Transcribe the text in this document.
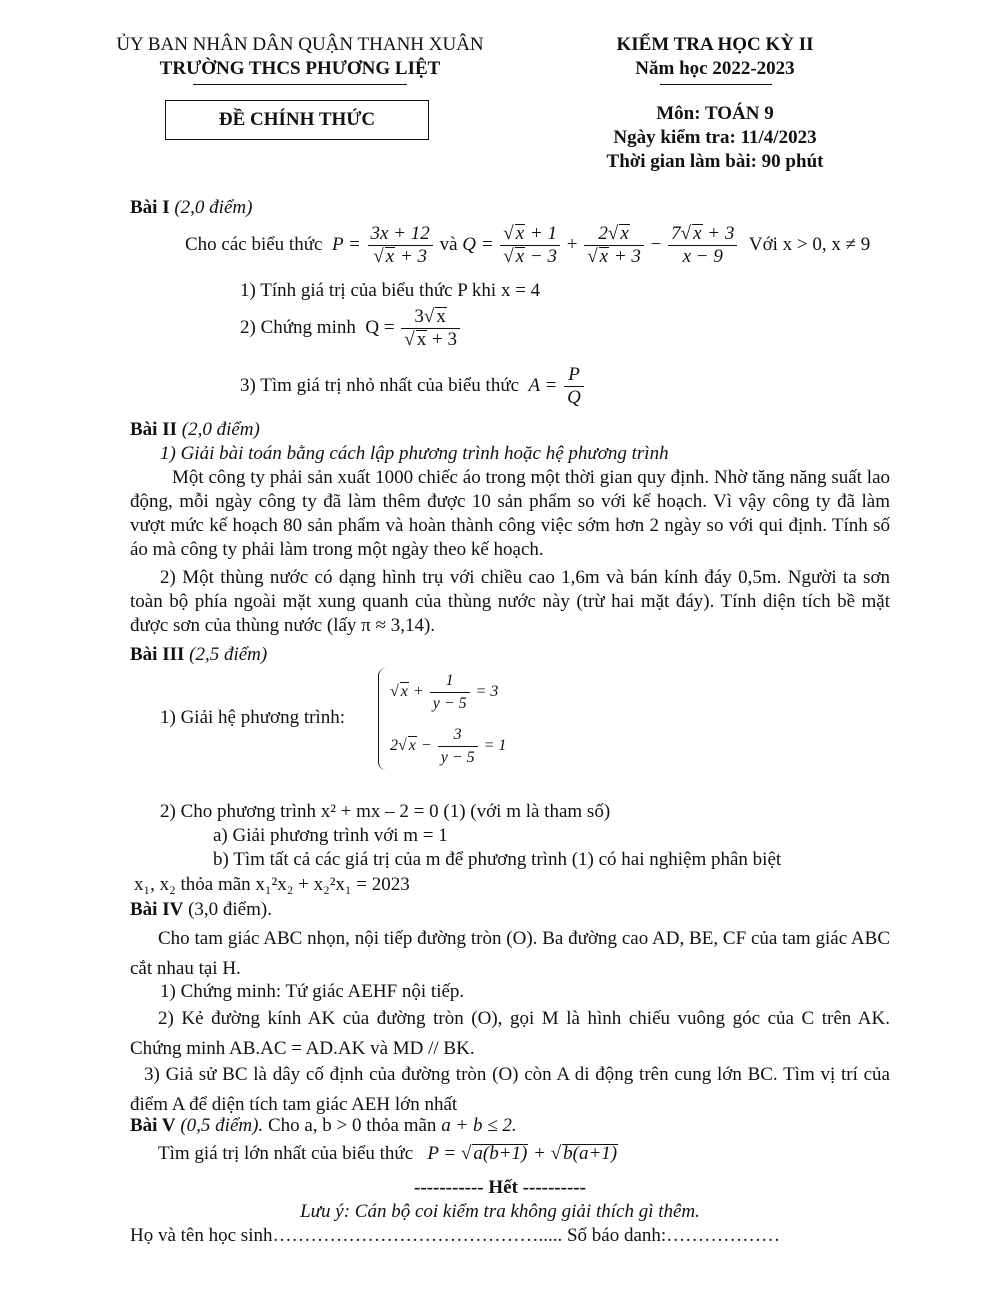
ỦY BAN NHÂN DÂN QUẬN THANH XUÂN
TRƯỜNG THCS PHƯƠNG LIỆT
KIỂM TRA HỌC KỲ II
Năm học 2022-2023
ĐỀ CHÍNH THỨC	Môn: TOÁN 9
Ngày kiểm tra: 11/4/2023
Thời gian làm bài: 90 phút
Bài I (2,0 điểm)
Cho các biểu thức  $P = \frac{3x + 12}{√ x + 3}$ và $Q = \frac{√ x + 1}{√ x - 3} + \frac{2√ x}{√ x + 3} - \frac{7√ x + 3}{x - 9}$ Với x > 0, x ≠ 9
1) Tính giá trị của biểu thức P khi x = 4
2) Chứng minh  $Q = \frac{3√ x}{√ x + 3}$
3) Tìm giá trị nhỏ nhất của biểu thức  $A = \frac{P}{Q}$
Bài II (2,0 điểm)
1) Giải bài toán bằng cách lập phương trình hoặc hệ phương trình
Một công ty phải sản xuất 1000 chiếc áo trong một thời gian quy định. Nhờ tăng năng suất lao động, mỗi ngày công ty đã làm thêm được 10 sản phẩm so với kế hoạch. Vì vậy công ty đã làm vượt mức kế hoạch 80 sản phẩm và hoàn thành công việc sớm hơn 2 ngày so với qui định. Tính số áo mà công ty phải làm trong một ngày theo kế hoạch.
2) Một thùng nước có dạng hình trụ với chiều cao 1,6m và bán kính đáy 0,5m. Người ta sơn toàn bộ phía ngoài mặt xung quanh của thùng nước này (trừ hai mặt đáy). Tính diện tích bề mặt được sơn của thùng nước (lấy π ≈ 3,14).
Bài III (2,5 điểm)
1) Giải hệ phương trình:
√ $x + \frac{1}{y - 5} = 3$
2√ $x - \frac{3}{y - 5} = 1$
2) Cho phương trình x² + mx – 2 = 0 (1) (với m là tham số)
a) Giải phương trình với m = 1
b) Tìm tất cả các giá trị của m để phương trình (1) có hai nghiệm phân biệt
x₁, x₂ thỏa mãn x₁²x₂ + x₂²x₁ = 2023
Bài IV (3,0 điểm).
Cho tam giác ABC nhọn, nội tiếp đường tròn (O). Ba đường cao AD, BE, CF của tam giác ABC cắt nhau tại H.
1) Chứng minh: Tứ giác AEHF nội tiếp.
2) Kẻ đường kính AK của đường tròn (O), gọi M là hình chiếu vuông góc của C trên AK. Chứng minh AB.AC = AD.AK và MD // BK.
3) Giả sử BC là dây cố định của đường tròn (O) còn A di động trên cung lớn BC. Tìm vị trí của điểm A để diện tích tam giác AEH lớn nhất
Bài V (0,5 điểm). Cho a, b > 0 thỏa mãn a + b ≤ 2.
Tìm giá trị lớn nhất của biểu thức   P = √ a(b+1) + √ b(a+1)
----------- Hết ----------
Lưu ý: Cán bộ coi kiểm tra không giải thích gì thêm.
Họ và tên học sinh……………………………………..... Số báo danh:………………
